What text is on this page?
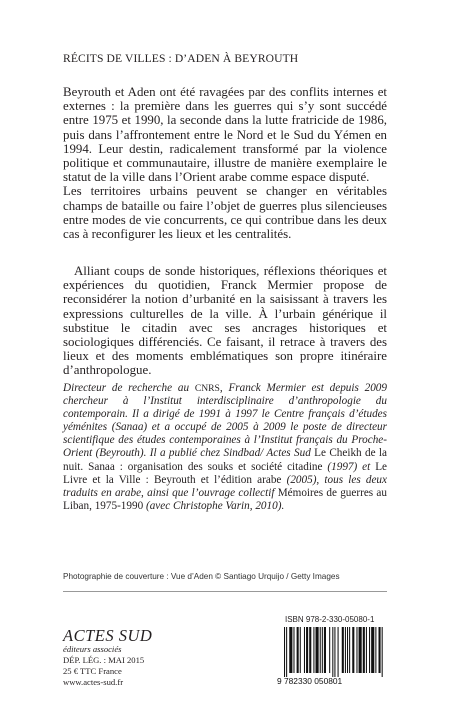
RÉCITS DE VILLES : D’ADEN À BEYROUTH

Beyrouth et Aden ont été ravagées par des conflits internes et externes : la première dans les guerres qui s’y sont succédé entre 1975 et 1990, la seconde dans la lutte fratricide de 1986, puis dans l’affrontement entre le Nord et le Sud du Yémen en 1994. Leur destin, radicalement transformé par la violence politique et communautaire, illustre de manière exemplaire le statut de la ville dans l’Orient arabe comme espace disputé.

Les territoires urbains peuvent se changer en véritables champs de bataille ou faire l’objet de guerres plus silencieuses entre modes de vie concurrents, ce qui contribue dans les deux cas à reconfigurer les lieux et les centralités.

Alliant coups de sonde historiques, réflexions théoriques et expériences du quotidien, Franck Mermier propose de reconsidérer la notion d’urbanité en la saisissant à travers les expressions culturelles de la ville. À l’urbain générique il substitue le citadin avec ses ancrages historiques et sociologiques différenciés. Ce faisant, il retrace à travers des lieux et des moments emblématiques son propre itinéraire d’anthropologue.

Directeur de recherche au CNRS, Franck Mermier est depuis 2009 chercheur à l’Institut interdisciplinaire d’anthropologie du contemporain. Il a dirigé de 1991 à 1997 le Centre français d’études yéménites (Sanaa) et a occupé de 2005 à 2009 le poste de directeur scientifique des études contemporaines à l’Institut français du Proche-Orient (Beyrouth). Il a publié chez Sindbad/ Actes Sud Le Cheikh de la nuit. Sanaa : organisation des souks et société citadine (1997) et Le Livre et la Ville : Beyrouth et l’édition arabe (2005), tous les deux traduits en arabe, ainsi que l’ouvrage collectif Mémoires de guerres au Liban, 1975-1990 (avec Christophe Varin, 2010).
Photographie de couverture : Vue d’Aden © Santiago Urquijo / Getty Images
ISBN 978-2-330-05080-1
9 782330 050801
ACTES SUD
éditeurs associés
DÉP. LÉG. : MAI 2015
25 € TTC France
www.actes-sud.fr
